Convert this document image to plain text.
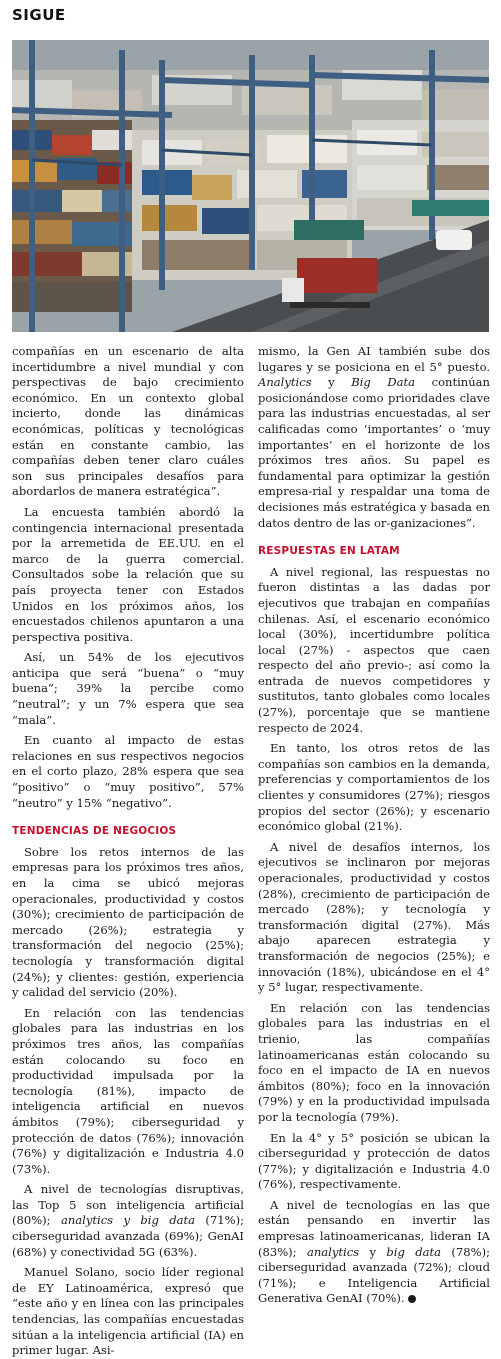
SIGUE

compañías en un escenario de alta incertidumbre a nivel mundial y con perspectivas de bajo crecimiento económico. En un contexto global incierto, donde las dinámicas económicas, políticas y tecnológicas están en constante cambio, las compañías deben tener claro cuáles son sus principales desafíos para abordarlos de manera estratégica”.

La encuesta también abordó la contingencia internacional presentada por la arremetida de EE.UU. en el marco de la guerra comercial. Consultados sobe la relación que su país proyecta tener con Estados Unidos en los próximos años, los encuestados chilenos apuntaron a una perspectiva positiva.

Así, un 54% de los ejecutivos anticipa que será “buena” o “muy buena”; 39% la percibe como “neutral”; y un 7% espera que sea “mala”.

En cuanto al impacto de estas relaciones en sus respectivos negocios en el corto plazo, 28% espera que sea “positivo” o “muy positivo”, 57% “neutro” y 15% “negativo”.

TENDENCIAS DE NEGOCIOS

Sobre los retos internos de las empresas para los próximos tres años, en la cima se ubicó mejoras operacionales, productividad y costos (30%); crecimiento de participación de mercado (26%); estrategia y transformación del negocio (25%); tecnología y transformación digital (24%); y clientes: gestión, experiencia y calidad del servicio (20%).

En relación con las tendencias globales para las industrias en los próximos tres años, las compañías están colocando su foco en productividad impulsada por la tecnología (81%), impacto de inteligencia artificial en nuevos ámbitos (79%); ciberseguridad y protección de datos (76%); innovación (76%) y digitalización e Industria 4.0 (73%).

A nivel de tecnologías disruptivas, las Top 5 son inteligencia artificial (80%); analytics y big data (71%); ciberseguridad avanzada (69%); GenAI (68%) y conectividad 5G (63%).

Manuel Solano, socio líder regional de EY Latinoamérica, expresó que “este año y en línea con las principales tendencias, las compañías encuestadas sitúan a la inteligencia artificial (IA) en primer lugar. Asi-

mismo, la Gen AI también sube dos lugares y se posiciona en el 5° puesto. Analytics y Big Data continúan posicionándose como prioridades clave para las industrias encuestadas, al ser calificadas como ‘importantes’ o ‘muy importantes’ en el horizonte de los próximos tres años. Su papel es fundamental para optimizar la gestión empresa-rial y respaldar una toma de decisiones más estratégica y basada en datos dentro de las or-ganizaciones”.

RESPUESTAS EN LATAM

A nivel regional, las respuestas no fueron distintas a las dadas por ejecutivos que trabajan en compañías chilenas. Así, el escenario económico local (30%), incertidumbre política local (27%) - aspectos que caen respecto del año previo-; así como la entrada de nuevos competidores y sustitutos, tanto globales como locales (27%), porcentaje que se mantiene respecto de 2024.

En tanto, los otros retos de las compañías son cambios en la demanda, preferencias y comportamientos de los clientes y consumidores (27%); riesgos propios del sector (26%); y escenario económico global (21%).

A nivel de desafíos internos, los ejecutivos se inclinaron por mejoras operacionales, productividad y costos (28%), crecimiento de participación de mercado (28%); y tecnología y transformación digital (27%). Más abajo aparecen estrategia y transformación de negocios (25%); e innovación (18%), ubicándose en el 4° y 5° lugar, respectivamente.

En relación con las tendencias globales para las industrias en el trienio, las compañías latinoamericanas están colocando su foco en el impacto de IA en nuevos ámbitos (80%); foco en la innovación (79%) y en la productividad impulsada por la tecnología (79%).

En la 4° y 5° posición se ubican la ciberseguridad y protección de datos (77%); y digitalización e Industria 4.0 (76%), respectivamente.

A nivel de tecnologías en las que están pensando en invertir las empresas latinoamericanas, lideran IA (83%); analytics y big data (78%); ciberseguridad avanzada (72%); cloud (71%); e Inteligencia Artificial Generativa GenAI (70%).
